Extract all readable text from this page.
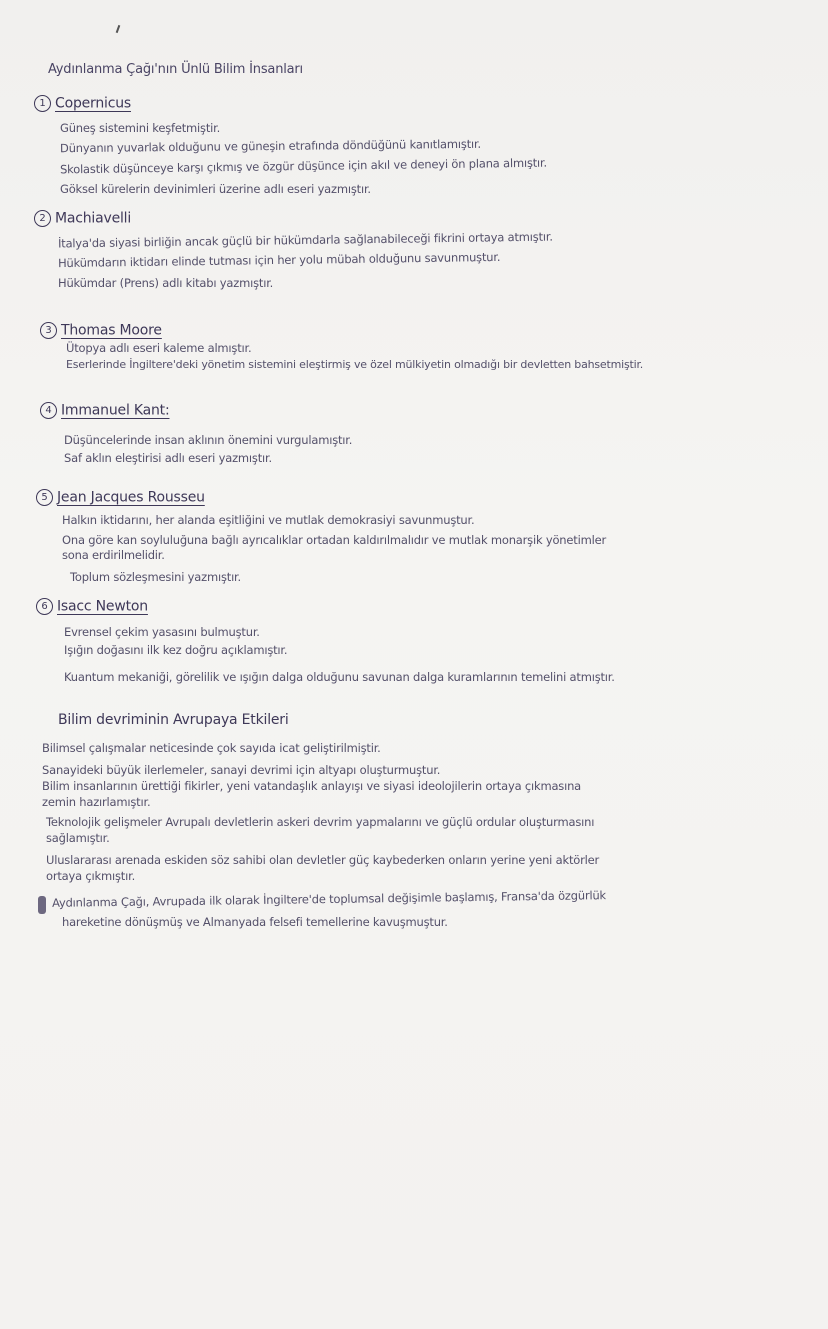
Aydınlanma Çağı'nın Ünlü Bilim İnsanları
1 Copernicus
Güneş sistemini keşfetmiştir.
Dünyanın yuvarlak olduğunu ve güneşin etrafında döndüğünü kanıtlamıştır.
Skolastik düşünceye karşı çıkmış ve özgür düşünce için akıl ve deneyi ön plana almıştır.
Göksel kürelerin devinimleri üzerine adlı eseri yazmıştır.
2 Machiavelli
İtalya'da siyasi birliğin ancak güçlü bir hükümdarla sağlanabileceği fikrini ortaya atmıştır.
Hükümdarın iktidarı elinde tutması için her yolu mübah olduğunu savunmuştur.
Hükümdar (Prens) adlı kitabı yazmıştır.
3 Thomas Moore
Ütopya adlı eseri kaleme almıştır.
Eserlerinde İngiltere'deki yönetim sistemini eleştirmiş ve özel mülkiyetin olmadığı bir devletten bahsetmiştir.
4 Immanuel Kant:
Düşüncelerinde insan aklının önemini vurgulamıştır.
Saf aklın eleştirisi adlı eseri yazmıştır.
5 Jean Jacques Rousseu
Halkın iktidarını, her alanda eşitliğini ve mutlak demokrasiyi savunmuştur.
Ona göre kan soyluluğuna bağlı ayrıcalıklar ortadan kaldırılmalıdır ve mutlak monarşik yönetimler
sona erdirilmelidir.
Toplum sözleşmesini yazmıştır.
6 Isacc Newton
Evrensel çekim yasasını bulmuştur.
Işığın doğasını ilk kez doğru açıklamıştır.
Kuantum mekaniği, görelilik ve ışığın dalga olduğunu savunan dalga kuramlarının temelini atmıştır.
Bilim devriminin Avrupaya Etkileri
Bilimsel çalışmalar neticesinde çok sayıda icat geliştirilmiştir.
Sanayideki büyük ilerlemeler, sanayi devrimi için altyapı oluşturmuştur.
Bilim insanlarının ürettiği fikirler, yeni vatandaşlık anlayışı ve siyasi ideolojilerin ortaya çıkmasına
zemin hazırlamıştır.
Teknolojik gelişmeler Avrupalı devletlerin askeri devrim yapmalarını ve güçlü ordular oluşturmasını
sağlamıştır.
Uluslararası arenada eskiden söz sahibi olan devletler güç kaybederken onların yerine yeni aktörler
ortaya çıkmıştır.
Aydınlanma Çağı, Avrupada ilk olarak İngiltere'de toplumsal değişimle başlamış, Fransa'da özgürlük
hareketine dönüşmüş ve Almanyada felsefi temellerine kavuşmuştur.
